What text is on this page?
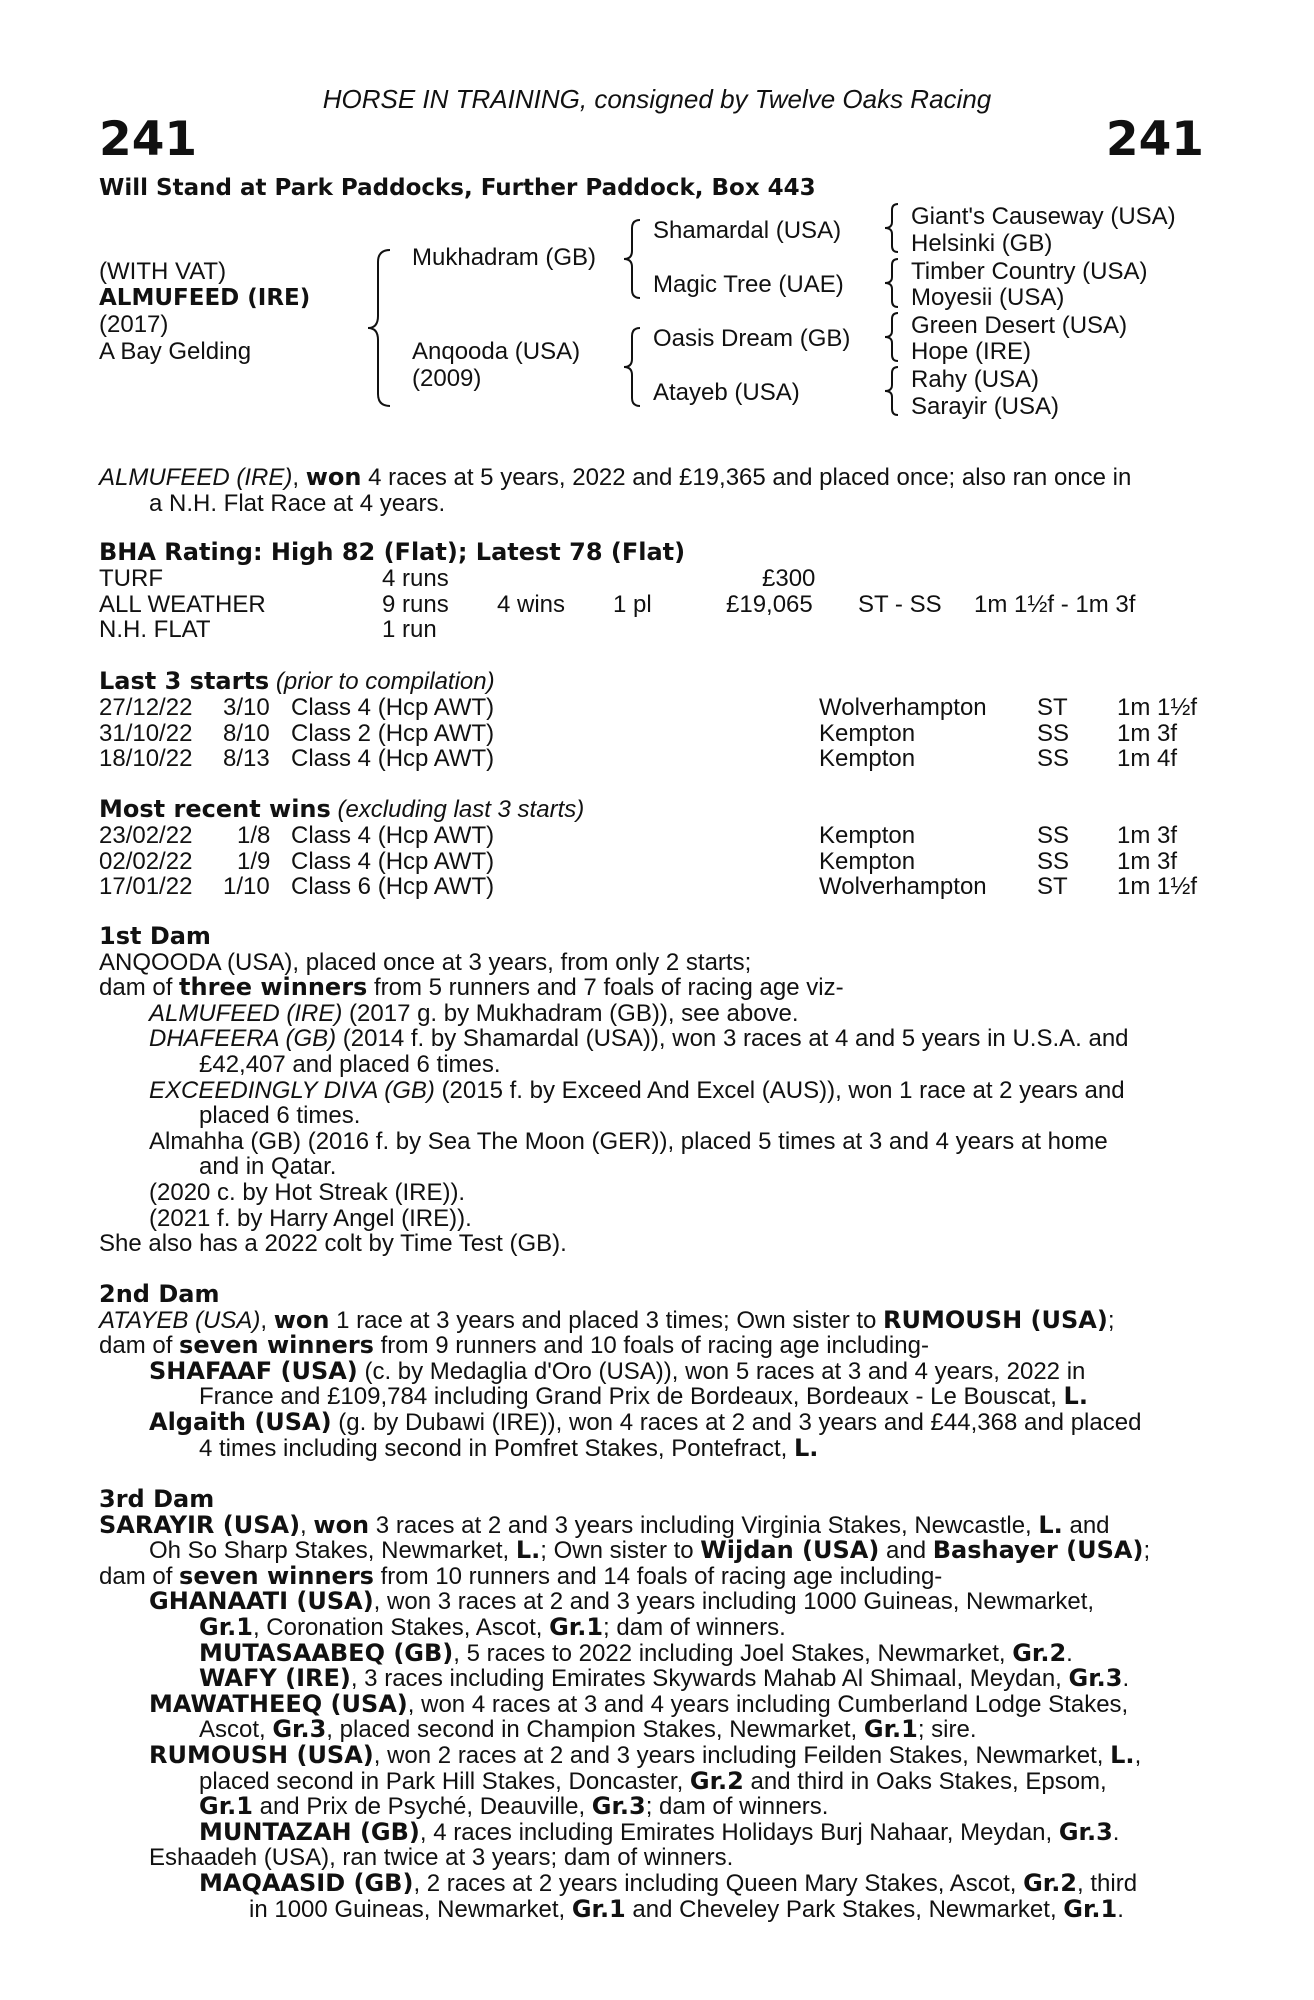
HORSE IN TRAINING, consigned by Twelve Oaks Racing
241	241
Will Stand at Park Paddocks, Further Paddock, Box 443
(WITH VAT)
ALMUFEED (IRE)
(2017)
A Bay Gelding
Mukhadram (GB)
Anqooda (USA)
(2009)
Shamardal (USA)
Magic Tree (UAE)
Oasis Dream (GB)
Atayeb (USA)
Giant's Causeway (USA)
Helsinki (GB)
Timber Country (USA)
Moyesii (USA)
Green Desert (USA)
Hope (IRE)
Rahy (USA)
Sarayir (USA)
ALMUFEED (IRE), won 4 races at 5 years, 2022 and £19,365 and placed once; also ran once in
a N.H. Flat Race at 4 years.
BHA Rating: High 82 (Flat); Latest 78 (Flat)
TURF	4 runs	£300
ALL WEATHER	9 runs 4 wins 1 pl	£19,065 ST - SS 1m 1½f - 1m 3f
N.H. FLAT	1 run
Last 3 starts (prior to compilation)
27/12/22 3/10 Class 4 (Hcp AWT)	Wolverhampton ST 1m 1½f
31/10/22 8/10 Class 2 (Hcp AWT)	Kempton	SS 1m 3f
18/10/22 8/13 Class 4 (Hcp AWT)	Kempton	SS 1m 4f
Most recent wins (excluding last 3 starts)
23/02/22 1/8 Class 4 (Hcp AWT)	Kempton	SS 1m 3f
02/02/22 1/9 Class 4 (Hcp AWT)	Kempton	SS 1m 3f
17/01/22 1/10 Class 6 (Hcp AWT)	Wolverhampton ST 1m 1½f
1st Dam
ANQOODA (USA), placed once at 3 years, from only 2 starts;
dam of three winners from 5 runners and 7 foals of racing age viz-
ALMUFEED (IRE) (2017 g. by Mukhadram (GB)), see above.
DHAFEERA (GB) (2014 f. by Shamardal (USA)), won 3 races at 4 and 5 years in U.S.A. and
£42,407 and placed 6 times.
EXCEEDINGLY DIVA (GB) (2015 f. by Exceed And Excel (AUS)), won 1 race at 2 years and
placed 6 times.
Almahha (GB) (2016 f. by Sea The Moon (GER)), placed 5 times at 3 and 4 years at home
and in Qatar.
(2020 c. by Hot Streak (IRE)).
(2021 f. by Harry Angel (IRE)).
She also has a 2022 colt by Time Test (GB).
2nd Dam
ATAYEB (USA), won 1 race at 3 years and placed 3 times; Own sister to RUMOUSH (USA);
dam of seven winners from 9 runners and 10 foals of racing age including-
SHAFAAF (USA) (c. by Medaglia d'Oro (USA)), won 5 races at 3 and 4 years, 2022 in
France and £109,784 including Grand Prix de Bordeaux, Bordeaux - Le Bouscat, L.
Algaith (USA) (g. by Dubawi (IRE)), won 4 races at 2 and 3 years and £44,368 and placed
4 times including second in Pomfret Stakes, Pontefract, L.
3rd Dam
SARAYIR (USA), won 3 races at 2 and 3 years including Virginia Stakes, Newcastle, L. and
Oh So Sharp Stakes, Newmarket, L.; Own sister to Wijdan (USA) and Bashayer (USA);
dam of seven winners from 10 runners and 14 foals of racing age including-
GHANAATI (USA), won 3 races at 2 and 3 years including 1000 Guineas, Newmarket,
Gr.1, Coronation Stakes, Ascot, Gr.1; dam of winners.
MUTASAABEQ (GB), 5 races to 2022 including Joel Stakes, Newmarket, Gr.2.
WAFY (IRE), 3 races including Emirates Skywards Mahab Al Shimaal, Meydan, Gr.3.
MAWATHEEQ (USA), won 4 races at 3 and 4 years including Cumberland Lodge Stakes,
Ascot, Gr.3, placed second in Champion Stakes, Newmarket, Gr.1; sire.
RUMOUSH (USA), won 2 races at 2 and 3 years including Feilden Stakes, Newmarket, L.,
placed second in Park Hill Stakes, Doncaster, Gr.2 and third in Oaks Stakes, Epsom,
Gr.1 and Prix de Psyché, Deauville, Gr.3; dam of winners.
MUNTAZAH (GB), 4 races including Emirates Holidays Burj Nahaar, Meydan, Gr.3.
Eshaadeh (USA), ran twice at 3 years; dam of winners.
MAQAASID (GB), 2 races at 2 years including Queen Mary Stakes, Ascot, Gr.2, third
in 1000 Guineas, Newmarket, Gr.1 and Cheveley Park Stakes, Newmarket, Gr.1.
